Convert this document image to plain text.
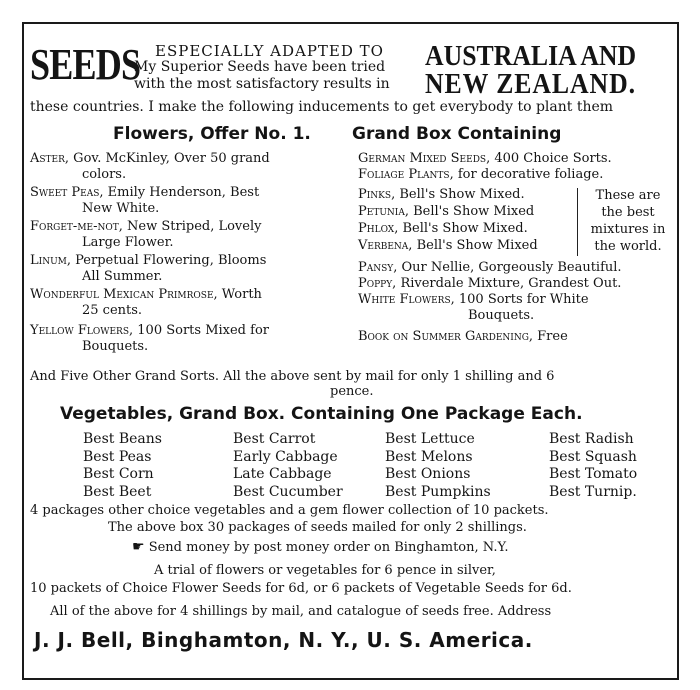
SEEDS ESPECIALLY ADAPTED TO
My Superior Seeds have been tried
with the most satisfactory results in
AUSTRALIA AND
NEW ZEALAND.
these countries. I make the following inducements to get everybody to plant them
Flowers, Offer No. 1. Grand Box Containing
Aster, Gov. McKinley, Over 50 grand
colors.
Sweet Peas, Emily Henderson, Best
New White.
Forget-me-not, New Striped, Lovely
Large Flower.
Linum, Perpetual Flowering, Blooms
All Summer.
Wonderful Mexican Primrose, Worth
25 cents.
Yellow Flowers, 100 Sorts Mixed for
Bouquets.
German Mixed Seeds, 400 Choice Sorts.
Foliage Plants, for decorative foliage.
Pinks, Bell's Show Mixed.
Petunia, Bell's Show Mixed
Phlox, Bell's Show Mixed.
Verbena, Bell's Show Mixed
These are
the best
mixtures in
the world.
Pansy, Our Nellie, Gorgeously Beautiful.
Poppy, Riverdale Mixture, Grandest Out.
White Flowers, 100 Sorts for White
Bouquets.
Book on Summer Gardening, Free
And Five Other Grand Sorts. All the above sent by mail for only 1 shilling and 6
pence.
Vegetables, Grand Box. Containing One Package Each.
Best Beans
Best Peas
Best Corn
Best Beet
Best Carrot
Early Cabbage
Late Cabbage
Best Cucumber
Best Lettuce
Best Melons
Best Onions
Best Pumpkins
Best Radish
Best Squash
Best Tomato
Best Turnip.
4 packages other choice vegetables and a gem flower collection of 10 packets.
The above box 30 packages of seeds mailed for only 2 shillings.
☛ Send money by post money order on Binghamton, N.Y.
A trial of flowers or vegetables for 6 pence in silver,
10 packets of Choice Flower Seeds for 6d, or 6 packets of Vegetable Seeds for 6d.
All of the above for 4 shillings by mail, and catalogue of seeds free. Address
J. J. Bell, Binghamton, N. Y., U. S. America.
